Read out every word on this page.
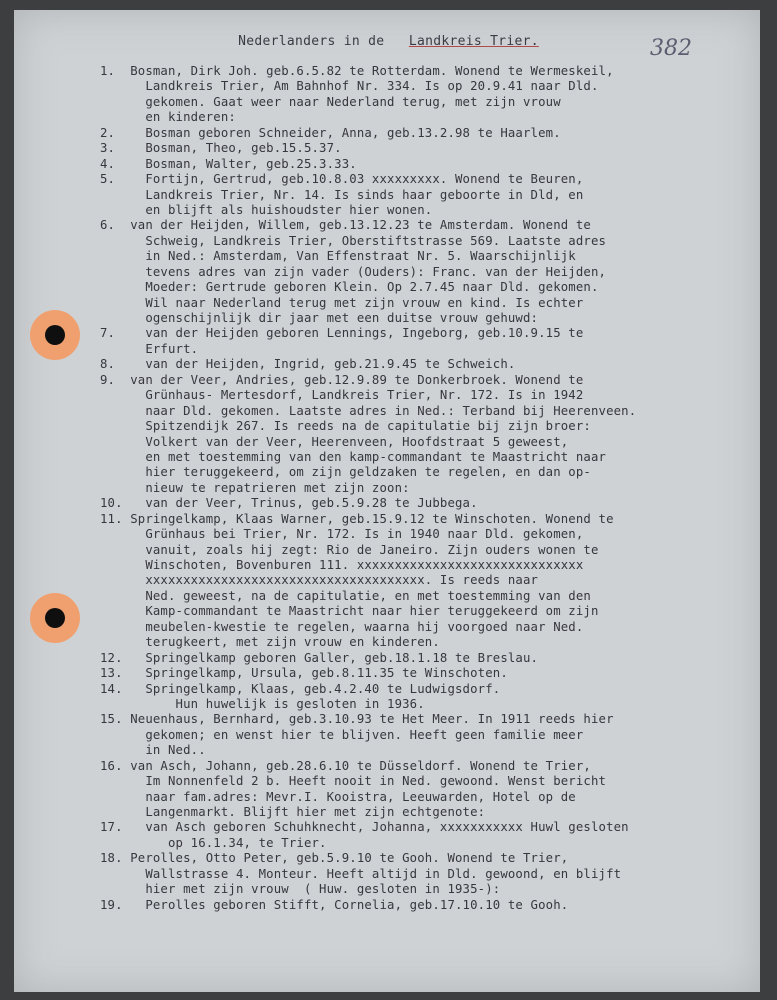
Nederlanders in de Landkreis Trier.	382
1.  Bosman, Dirk Joh. geb.6.5.82 te Rotterdam. Wonend te Wermeskeil,
Landkreis Trier, Am Bahnhof Nr. 334. Is op 20.9.41 naar Dld.
gekomen. Gaat weer naar Nederland terug, met zijn vrouw
en kinderen:
2.    Bosman geboren Schneider, Anna, geb.13.2.98 te Haarlem.
3.    Bosman, Theo, geb.15.5.37.
4.    Bosman, Walter, geb.25.3.33.
5.    Fortijn, Gertrud, geb.10.8.03 xxxxxxxxx. Wonend te Beuren,
Landkreis Trier, Nr. 14. Is sinds haar geboorte in Dld, en
en blijft als huishoudster hier wonen.
6.  van der Heijden, Willem, geb.13.12.23 te Amsterdam. Wonend te
Schweig, Landkreis Trier, Oberstiftstrasse 569. Laatste adres
in Ned.: Amsterdam, Van Effenstraat Nr. 5. Waarschijnlijk
tevens adres van zijn vader (Ouders): Franc. van der Heijden,
Moeder: Gertrude geboren Klein. Op 2.7.45 naar Dld. gekomen.
Wil naar Nederland terug met zijn vrouw en kind. Is echter
ogenschijnlijk dir jaar met een duitse vrouw gehuwd:
7.    van der Heijden geboren Lennings, Ingeborg, geb.10.9.15 te
Erfurt.
8.    van der Heijden, Ingrid, geb.21.9.45 te Schweich.
9.  van der Veer, Andries, geb.12.9.89 te Donkerbroek. Wonend te
Grünhaus- Mertesdorf, Landkreis Trier, Nr. 172. Is in 1942
naar Dld. gekomen. Laatste adres in Ned.: Terband bij Heerenveen.
Spitzendijk 267. Is reeds na de capitulatie bij zijn broer:
Volkert van der Veer, Heerenveen, Hoofdstraat 5 geweest,
en met toestemming van den kamp-commandant te Maastricht naar
hier teruggekeerd, om zijn geldzaken te regelen, en dan op-
nieuw te repatrieren met zijn zoon:
10.   van der Veer, Trinus, geb.5.9.28 te Jubbega.
11. Springelkamp, Klaas Warner, geb.15.9.12 te Winschoten. Wonend te
Grünhaus bei Trier, Nr. 172. Is in 1940 naar Dld. gekomen,
vanuit, zoals hij zegt: Rio de Janeiro. Zijn ouders wonen te
Winschoten, Bovenburen 111. xxxxxxxxxxxxxxxxxxxxxxxxxxxxxx
xxxxxxxxxxxxxxxxxxxxxxxxxxxxxxxxxxxxx. Is reeds naar
Ned. geweest, na de capitulatie, en met toestemming van den
Kamp-commandant te Maastricht naar hier teruggekeerd om zijn
meubelen-kwestie te regelen, waarna hij voorgoed naar Ned.
terugkeert, met zijn vrouw en kinderen.
12.   Springelkamp geboren Galler, geb.18.1.18 te Breslau.
13.   Springelkamp, Ursula, geb.8.11.35 te Winschoten.
14.   Springelkamp, Klaas, geb.4.2.40 te Ludwigsdorf.
Hun huwelijk is gesloten in 1936.
15. Neuenhaus, Bernhard, geb.3.10.93 te Het Meer. In 1911 reeds hier
gekomen; en wenst hier te blijven. Heeft geen familie meer
in Ned..
16. van Asch, Johann, geb.28.6.10 te Düsseldorf. Wonend te Trier,
Im Nonnenfeld 2 b. Heeft nooit in Ned. gewoond. Wenst bericht
naar fam.adres: Mevr.I. Kooistra, Leeuwarden, Hotel op de
Langenmarkt. Blijft hier met zijn echtgenote:
17.   van Asch geboren Schuhknecht, Johanna, xxxxxxxxxxx Huwl gesloten
op 16.1.34, te Trier.
18. Perolles, Otto Peter, geb.5.9.10 te Gooh. Wonend te Trier,
Wallstrasse 4. Monteur. Heeft altijd in Dld. gewoond, en blijft
hier met zijn vrouw  ( Huw. gesloten in 1935-):
19.   Perolles geboren Stifft, Cornelia, geb.17.10.10 te Gooh.
